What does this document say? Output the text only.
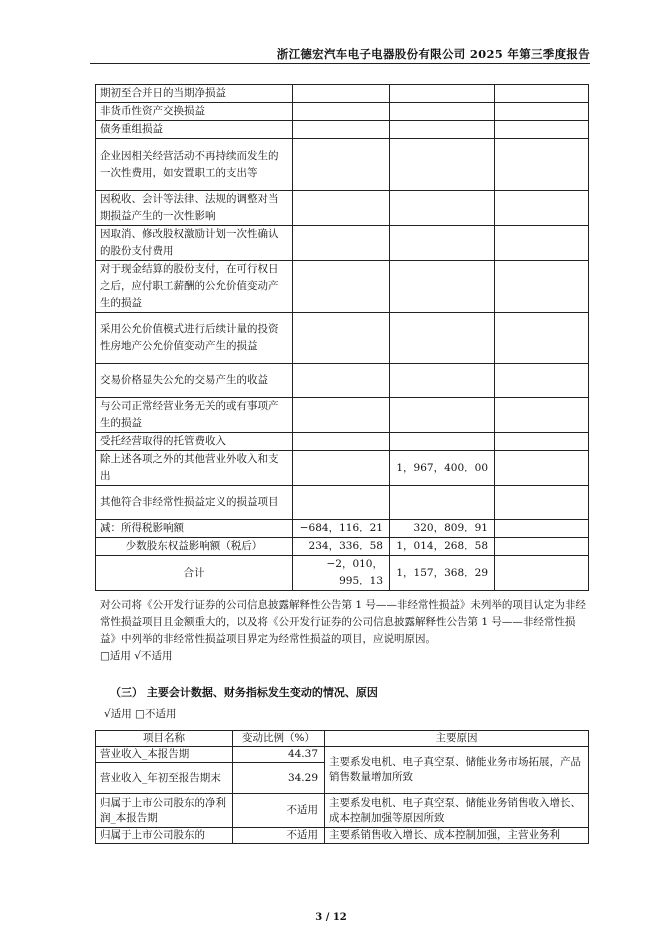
浙江德宏汽车电子电器股份有限公司 2025 年第三季度报告
期初至合并日的当期净损益			
非货币性资产交换损益			
债务重组损益			
企业因相关经营活动不再持续而发生的一次性费用，如安置职工的支出等			
因税收、会计等法律、法规的调整对当期损益产生的一次性影响			
因取消、修改股权激励计划一次性确认的股份支付费用			
对于现金结算的股份支付，在可行权日之后，应付职工薪酬的公允价值变动产生的损益			
采用公允价值模式进行后续计量的投资性房地产公允价值变动产生的损益			
交易价格显失公允的交易产生的收益			
与公司正常经营业务无关的或有事项产生的损益			
受托经营取得的托管费收入			
除上述各项之外的其他营业外收入和支出		1，967，400．00	
其他符合非经常性损益定义的损益项目			
减：所得税影响额	−684，116．21	320，809．91	
少数股东权益影响额（税后）	234，336．58	1，014，268．58	
合计	−2，010，995．13	1，157，368．29	
对公司将《公开发行证券的公司信息披露解释性公告第 1 号——非经常性损益》未列举的项目认定为非经常性损益项目且金额重大的，以及将《公开发行证券的公司信息披露解释性公告第 1 号——非经常性损益》中列举的非经常性损益项目界定为经常性损益的项目，应说明原因。
□适用 √不适用
（三） 主要会计数据、财务指标发生变动的情况、原因
√适用 □不适用
项目名称	变动比例（%）	主要原因
营业收入_本报告期	44.37	主要系发电机、电子真空泵、储能业务市场拓展，产品销售数量增加所致
营业收入_年初至报告期末	34.29	
归属于上市公司股东的净利润_本报告期	不适用	主要系发电机、电子真空泵、储能业务销售收入增长、成本控制加强等原因所致
归属于上市公司股东的	不适用	主要系销售收入增长、成本控制加强，主营业务利
3 / 12
